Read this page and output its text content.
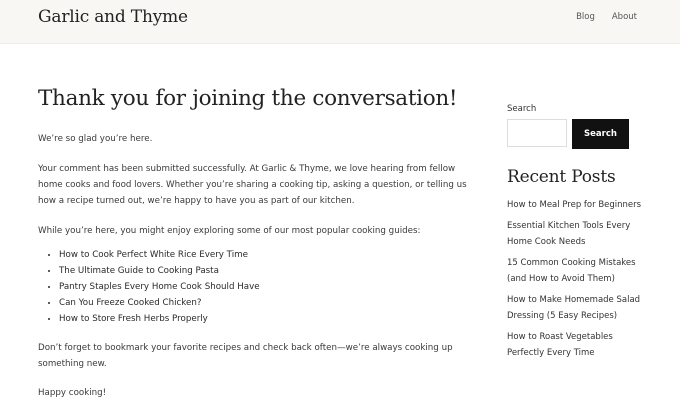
Garlic and Thyme	Blog About
Thank you for joining the conversation!

We’re so glad you’re here.

Your comment has been submitted successfully. At Garlic & Thyme, we love hearing from fellow home cooks and food lovers. Whether you’re sharing a cooking tip, asking a question, or telling us how a recipe turned out, we’re happy to have you as part of our kitchen.

While you’re here, you might enjoy exploring some of our most popular cooking guides:

• How to Cook Perfect White Rice Every Time
• The Ultimate Guide to Cooking Pasta
• Pantry Staples Every Home Cook Should Have
• Can You Freeze Cooked Chicken?
• How to Store Fresh Herbs Properly

Don’t forget to bookmark your favorite recipes and check back often—we’re always cooking up something new.

Happy cooking!

Search
Search
Recent Posts
How to Meal Prep for Beginners
Essential Kitchen Tools Every Home Cook Needs
15 Common Cooking Mistakes (and How to Avoid Them)
How to Make Homemade Salad Dressing (5 Easy Recipes)
How to Roast Vegetables Perfectly Every Time
